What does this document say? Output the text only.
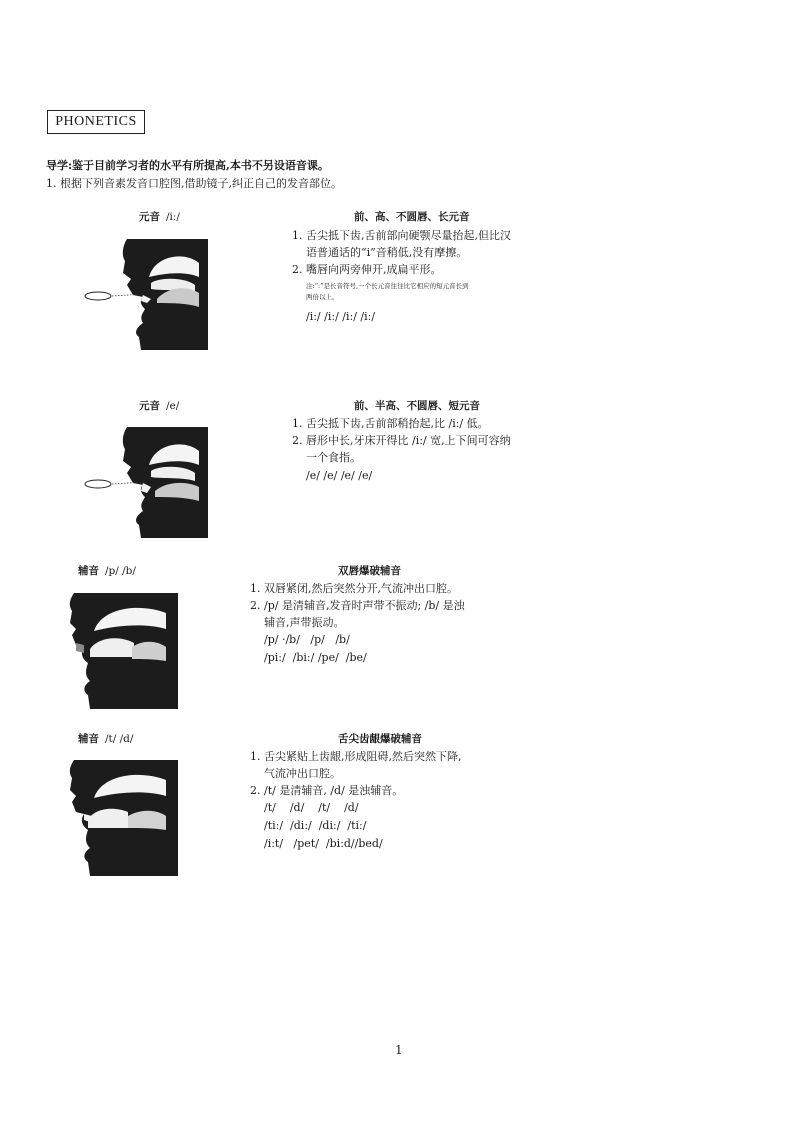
PHONETICS
导学:鉴于目前学习者的水平有所提高,本书不另设语音课。
1. 根据下列音素发音口腔图,借助镜子,纠正自己的发音部位。
元音 /iː/	前、高、不圆唇、长元音
1. 舌尖抵下齿,舌前部向硬颚尽量抬起,但比汉
语普通话的“i”音稍低,没有摩擦。
2. 嘴唇向两旁伸开,成扁平形。
注:“ː”是长音符号,一个长元音往往比它相应的短元音长到
两倍以上。
/iː/ /iː/ /iː/ /iː/
元音 /e/	前、半高、不圆唇、短元音
1. 舌尖抵下齿,舌前部稍抬起,比 /iː/ 低。
2. 唇形中长,牙床开得比 /iː/ 宽,上下间可容纳
一个食指。
/e/ /e/ /e/ /e/
辅音 /p/ /b/	双唇爆破辅音
1. 双唇紧闭,然后突然分开,气流冲出口腔。
2. /p/ 是清辅音,发音时声带不振动; /b/ 是浊
辅音,声带振动。
/p/ ·/b/   /p/   /b/
/piː/  /biː/ /pe/  /be/
辅音 /t/ /d/	舌尖齿龈爆破辅音
1. 舌尖紧贴上齿龈,形成阻碍,然后突然下降,
气流冲出口腔。
2. /t/ 是清辅音, /d/ 是浊辅音。
/t/    /d/    /t/    /d/
/tiː/  /diː/  /diː/  /tiː/
/iːt/   /pet/  /biːd//bed/
1
